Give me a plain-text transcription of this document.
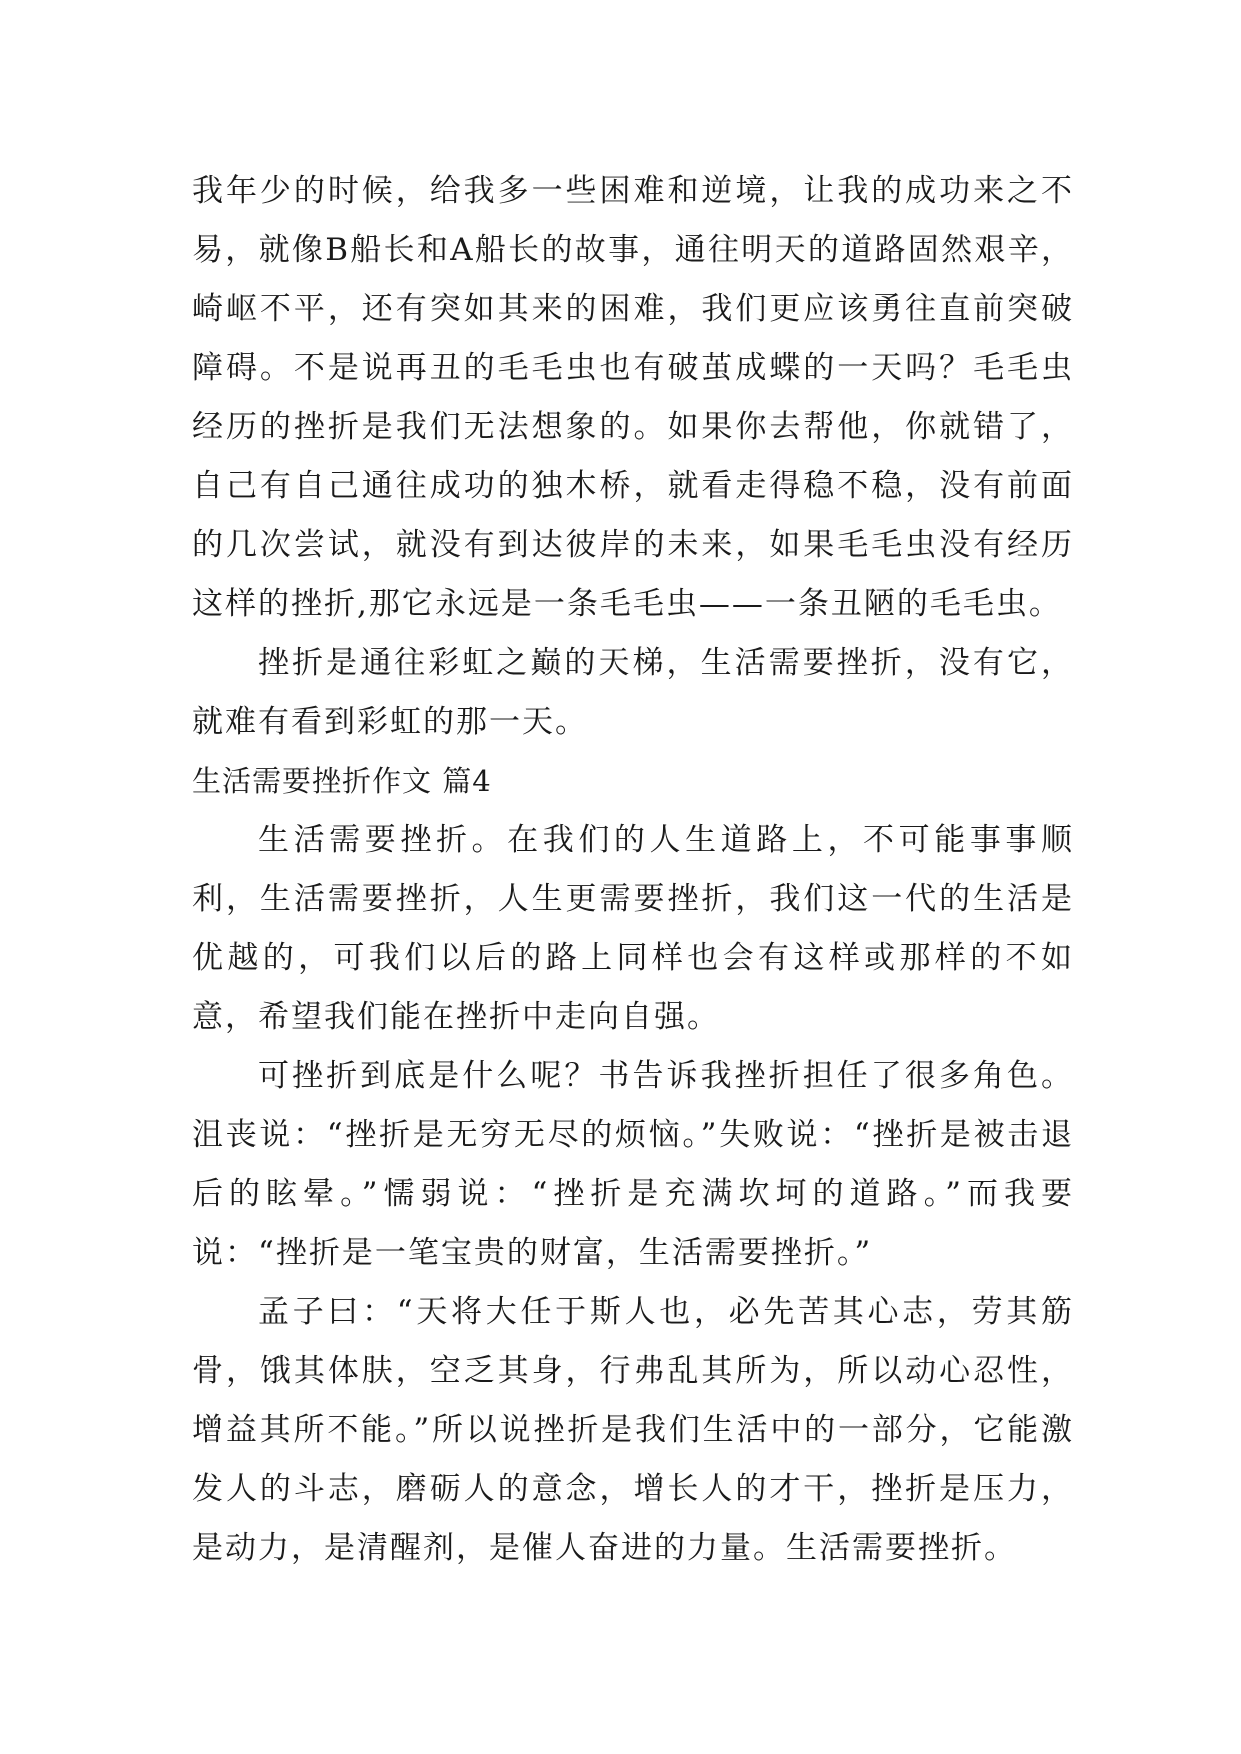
我年少的时候，给我多一些困难和逆境，让我的成功来之不易，就像B船长和A船长的故事，通往明天的道路固然艰辛，崎岖不平，还有突如其来的困难，我们更应该勇往直前突破障碍。不是说再丑的毛毛虫也有破茧成蝶的一天吗？毛毛虫经历的挫折是我们无法想象的。如果你去帮他，你就错了，自己有自己通往成功的独木桥，就看走得稳不稳，没有前面的几次尝试，就没有到达彼岸的未来，如果毛毛虫没有经历这样的挫折,那它永远是一条毛毛虫——一条丑陋的毛毛虫。

挫折是通往彩虹之巅的天梯，生活需要挫折，没有它，就难有看到彩虹的那一天。

生活需要挫折作文 篇4

生活需要挫折。在我们的人生道路上，不可能事事顺利，生活需要挫折，人生更需要挫折，我们这一代的生活是优越的，可我们以后的路上同样也会有这样或那样的不如意，希望我们能在挫折中走向自强。

可挫折到底是什么呢？书告诉我挫折担任了很多角色。沮丧说：“挫折是无穷无尽的烦恼。”失败说：“挫折是被击退后的眩晕。”懦弱说：“挫折是充满坎坷的道路。”而我要说：“挫折是一笔宝贵的财富，生活需要挫折。”

孟子曰：“天将大任于斯人也，必先苦其心志，劳其筋骨，饿其体肤，空乏其身，行弗乱其所为，所以动心忍性，增益其所不能。”所以说挫折是我们生活中的一部分，它能激发人的斗志，磨砺人的意念，增长人的才干，挫折是压力，是动力，是清醒剂，是催人奋进的力量。生活需要挫折。
